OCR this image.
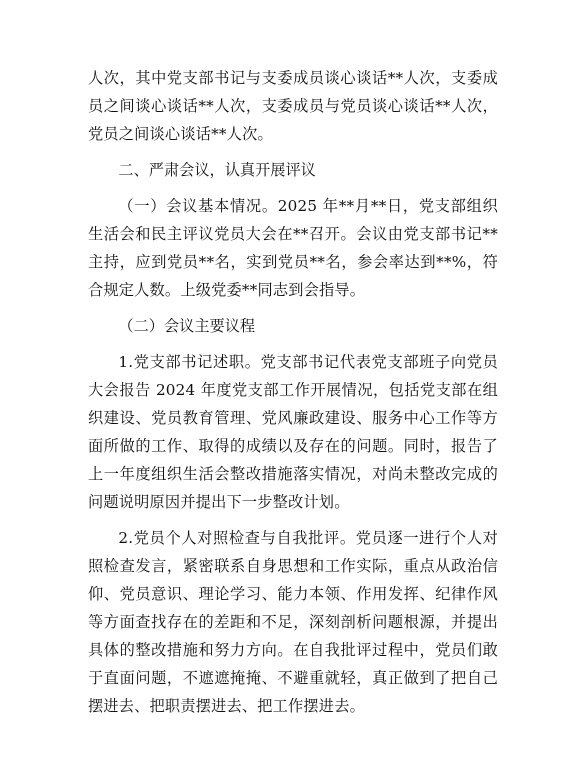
人次，其中党支部书记与支委成员谈心谈话**人次，支委成员之间谈心谈话**人次，支委成员与党员谈心谈话**人次，党员之间谈心谈话**人次。

二、严肃会议，认真开展评议

（一）会议基本情况。2025 年**月**日，党支部组织生活会和民主评议党员大会在**召开。会议由党支部书记**主持，应到党员**名，实到党员**名，参会率达到**%，符合规定人数。上级党委**同志到会指导。

（二）会议主要议程

1.党支部书记述职。党支部书记代表党支部班子向党员大会报告 2024 年度党支部工作开展情况，包括党支部在组织建设、党员教育管理、党风廉政建设、服务中心工作等方面所做的工作、取得的成绩以及存在的问题。同时，报告了上一年度组织生活会整改措施落实情况，对尚未整改完成的问题说明原因并提出下一步整改计划。

2.党员个人对照检查与自我批评。党员逐一进行个人对照检查发言，紧密联系自身思想和工作实际，重点从政治信仰、党员意识、理论学习、能力本领、作用发挥、纪律作风等方面查找存在的差距和不足，深刻剖析问题根源，并提出具体的整改措施和努力方向。在自我批评过程中，党员们敢于直面问题，不遮遮掩掩、不避重就轻，真正做到了把自己摆进去、把职责摆进去、把工作摆进去。
